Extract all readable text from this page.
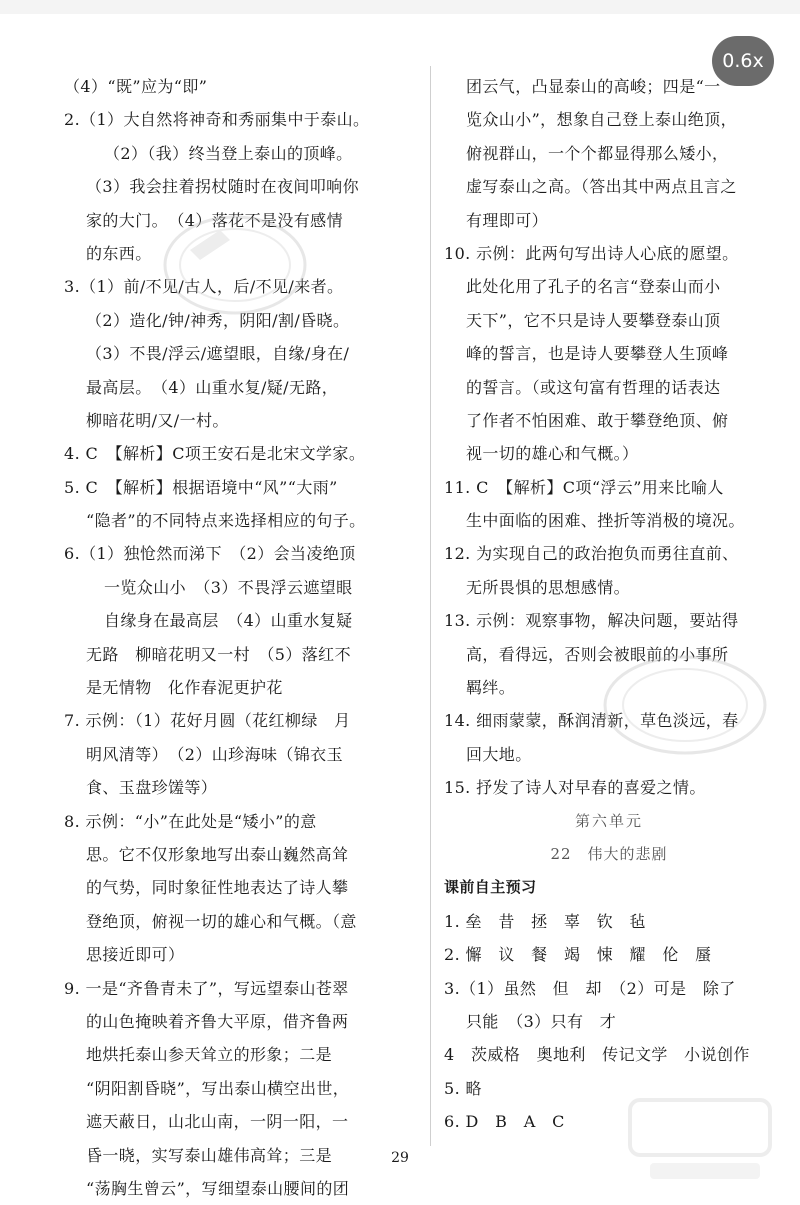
0.6x
（4）“既”应为“即”
2.（1）大自然将神奇和秀丽集中于泰山。
（2）（我）终当登上泰山的顶峰。
（3）我会拄着拐杖随时在夜间叩响你
家的大门。　（4）落花不是没有感情
的东西。
3.（1）前/不见/古人，后/不见/来者。
（2）造化/钟/神秀，阴阳/割/昏晓。
（3）不畏/浮云/遮望眼，自缘/身在/
最高层。　（4）山重水复/疑/无路，
柳暗花明/又/一村。
4. C　【解析】C项王安石是北宋文学家。
5. C　【解析】根据语境中“风”“大雨”
“隐者”的不同特点来选择相应的句子。
6.（1）独怆然而涕下　（2）会当凌绝顶
一览众山小　（3）不畏浮云遮望眼
自缘身在最高层　（4）山重水复疑
无路　柳暗花明又一村　（5）落红不
是无情物　化作春泥更护花
7. 示例：（1）花好月圆（花红柳绿　月
明风清等）　（2）山珍海味（锦衣玉
食、玉盘珍馐等）
8. 示例：“小”在此处是“矮小”的意
思。它不仅形象地写出泰山巍然高耸
的气势，同时象征性地表达了诗人攀
登绝顶，俯视一切的雄心和气概。（意
思接近即可）
9. 一是“齐鲁青未了”，写远望泰山苍翠
的山色掩映着齐鲁大平原，借齐鲁两
地烘托泰山参天耸立的形象；二是
“阴阳割昏晓”，写出泰山横空出世，
遮天蔽日，山北山南，一阴一阳，一
昏一晓，实写泰山雄伟高耸；三是
“荡胸生曾云”，写细望泰山腰间的团
团云气，凸显泰山的高峻；四是“一
览众山小”，想象自己登上泰山绝顶，
俯视群山，一个个都显得那么矮小，
虚写泰山之高。（答出其中两点且言之
有理即可）
10. 示例：此两句写出诗人心底的愿望。
此处化用了孔子的名言“登泰山而小
天下”，它不只是诗人要攀登泰山顶
峰的誓言，也是诗人要攀登人生顶峰
的誓言。（或这句富有哲理的话表达
了作者不怕困难、敢于攀登绝顶、俯
视一切的雄心和气概。）
11. C　【解析】C项“浮云”用来比喻人
生中面临的困难、挫折等消极的境况。
12. 为实现自己的政治抱负而勇往直前、
无所畏惧的思想感情。
13. 示例：观察事物，解决问题，要站得
高，看得远，否则会被眼前的小事所
羁绊。
14. 细雨蒙蒙，酥润清新，草色淡远，春
回大地。
15. 抒发了诗人对早春的喜爱之情。
第六单元
22　伟大的悲剧
课前自主预习
1. 垒　昔　拯　辜　钦　毡
2. 懈　议　餐　竭　悚　耀　伦　蜃
3.（1）虽然　但　却　（2）可是　除了
只能　（3）只有　才
4　茨威格　奥地利　传记文学　小说创作
5. 略
6. D　B　A　C
29
